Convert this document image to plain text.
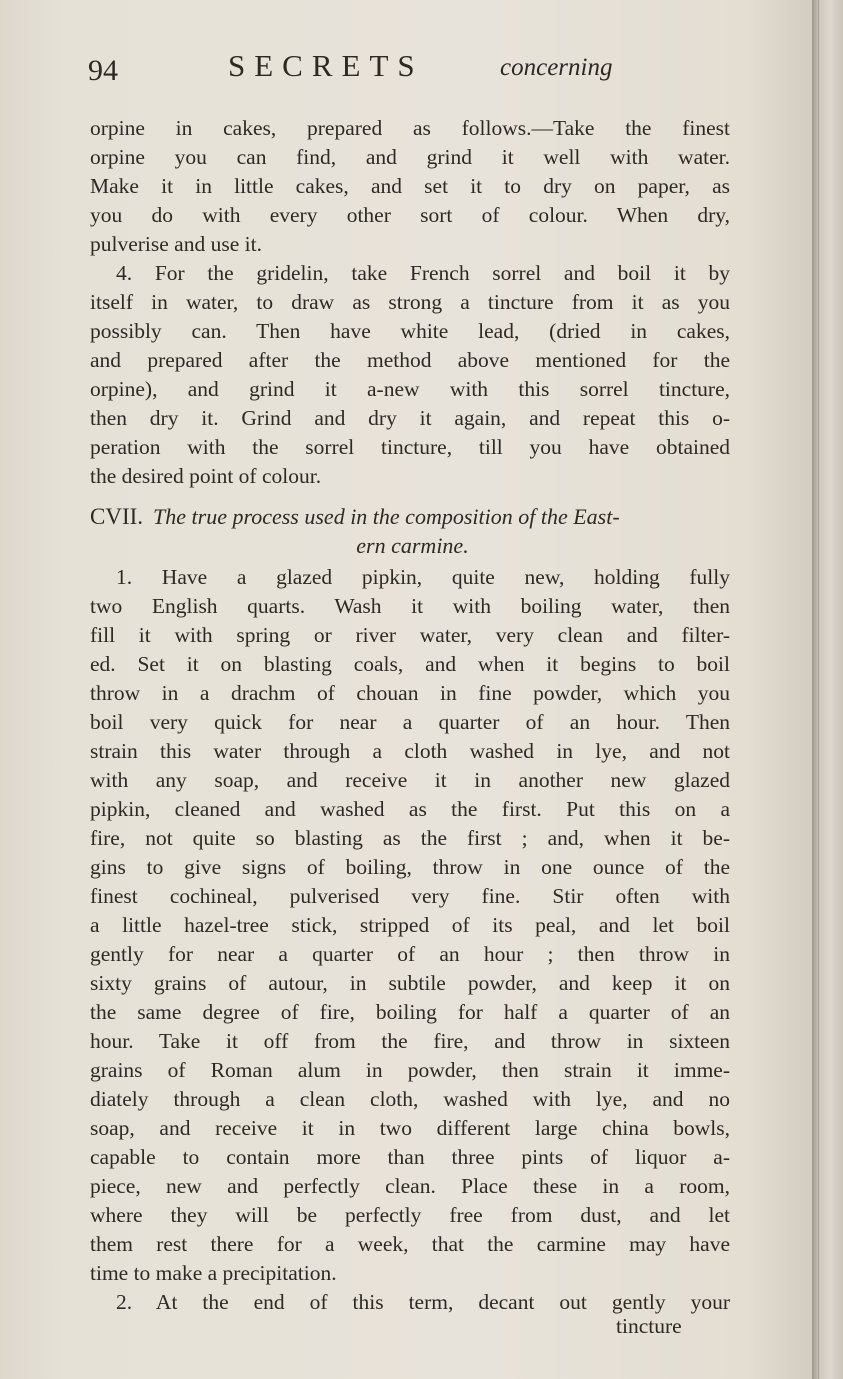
94	SECRETS	concerning
orpine in cakes, prepared as follows.—Take the finest
orpine you can find, and grind it well with water.
Make it in little cakes, and set it to dry on paper, as
you do with every other sort of colour. When dry,
pulverise and use it.
4. For the gridelin, take French sorrel and boil it by
itself in water, to draw as strong a tincture from it as you
possibly can. Then have white lead, (dried in cakes,
and prepared after the method above mentioned for the
orpine), and grind it a-new with this sorrel tincture,
then dry it. Grind and dry it again, and repeat this o-
peration with the sorrel tincture, till you have obtained
the desired point of colour.
CVII. The true process used in the composition of the East-
ern carmine.
1. Have a glazed pipkin, quite new, holding fully
two English quarts. Wash it with boiling water, then
fill it with spring or river water, very clean and filter-
ed. Set it on blasting coals, and when it begins to boil
throw in a drachm of chouan in fine powder, which you
boil very quick for near a quarter of an hour. Then
strain this water through a cloth washed in lye, and not
with any soap, and receive it in another new glazed
pipkin, cleaned and washed as the first. Put this on a
fire, not quite so blasting as the first ; and, when it be-
gins to give signs of boiling, throw in one ounce of the
finest cochineal, pulverised very fine. Stir often with
a little hazel-tree stick, stripped of its peal, and let boil
gently for near a quarter of an hour ; then throw in
sixty grains of autour, in subtile powder, and keep it on
the same degree of fire, boiling for half a quarter of an
hour. Take it off from the fire, and throw in sixteen
grains of Roman alum in powder, then strain it imme-
diately through a clean cloth, washed with lye, and no
soap, and receive it in two different large china bowls,
capable to contain more than three pints of liquor a-
piece, new and perfectly clean. Place these in a room,
where they will be perfectly free from dust, and let
them rest there for a week, that the carmine may have
time to make a precipitation.
2. At the end of this term, decant out gently your
tincture
